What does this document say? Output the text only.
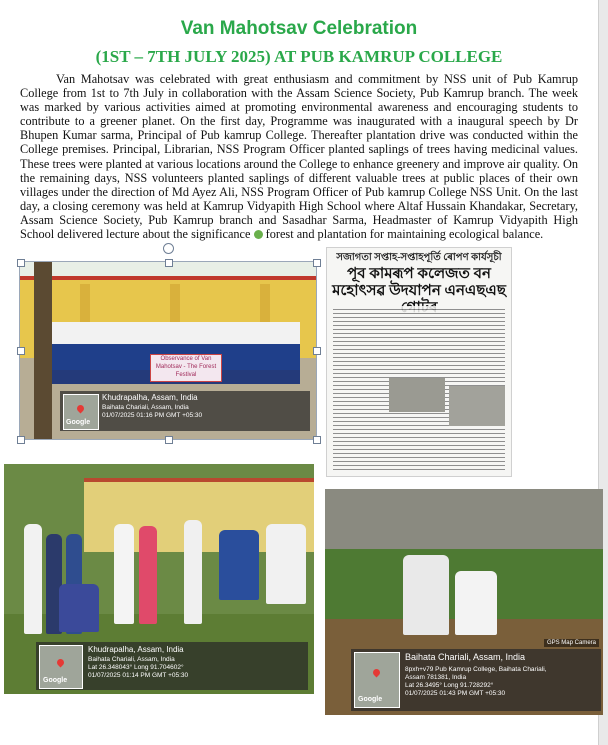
Van Mahotsav Celebration
(1ST – 7TH JULY 2025) AT PUB KAMRUP COLLEGE

Van Mahotsav was celebrated with great enthusiasm and commitment by NSS unit of Pub Kamrup College from 1st to 7th July in collaboration with the Assam Science Society, Pub Kamrup branch. The week was marked by various activities aimed at promoting environmental awareness and encouraging students to contribute to a greener planet. On the first day, Programme was inaugurated with a inaugural speech by Dr Bhupen Kumar sarma, Principal of Pub kamrup College. Thereafter plantation drive was conducted within the College premises. Principal, Librarian, NSS Program Officer planted saplings of trees having medicinal values. These trees were planted at various locations around the College to enhance greenery and improve air quality. On the remaining days, NSS volunteers planted saplings of different valuable trees at public places of their own villages under the direction of Md Ayez Ali, NSS Program Officer of Pub kamrup College NSS Unit. On the last day, a closing ceremony was held at Kamrup Vidyapith High School where Altaf Hussain Khandakar, Secretary, Assam Science Society, Pub Kamrup branch and Sasadhar Sarma, Headmaster of Kamrup Vidyapith High School delivered lecture about the significance forest and plantation for maintaining ecological balance.

Observance of Van Mahotsav - The Forest Festival
Google
Khudrapalha, Assam, India
Baihata Chariali, Assam, India
01/07/2025 01:16 PM GMT +05:30
সজাগতা সপ্তাহ-সপ্তাহপূৰ্তি ৰোপণ কাৰ্যসূচী
পূব কামৰূপ কলেজত বন মহোৎসৱ উদযাপন এনএছএছ
Google
Khudrapalha, Assam, India
Baihata Chariali, Assam, India
Lat 26.348043° Long 91.704602°
01/07/2025 01:14 PM GMT +05:30
GPS Map Camera
Google
Baihata Chariali, Assam, India
8pxh+v79 Pub Kamrup College, Baihata Chariali,
Assam 781381, India
Lat 26.3495° Long 91.728292°
01/07/2025 01:43 PM GMT +05:30
